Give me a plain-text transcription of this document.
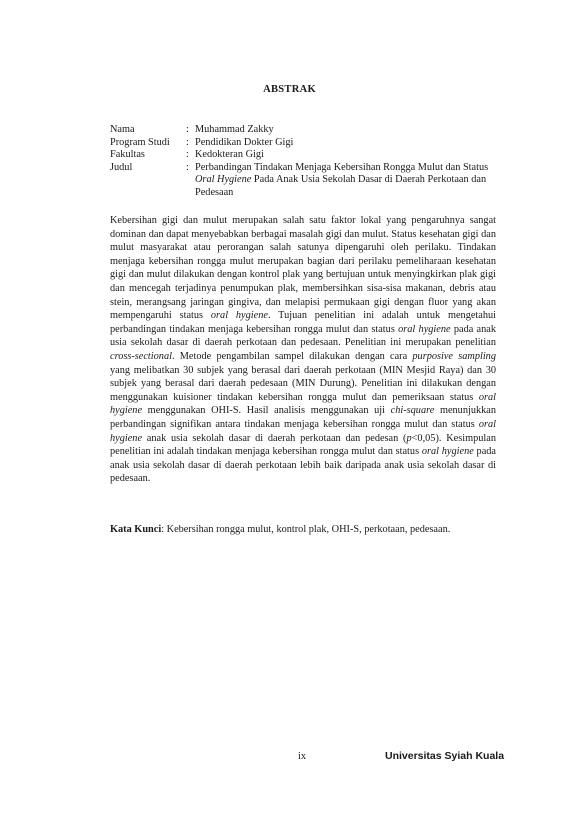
ABSTRAK
Nama	: Muhammad Zakky
Program Studi	: Pendidikan Dokter Gigi
Fakultas	: Kedokteran Gigi
Judul	: Perbandingan Tindakan Menjaga Kebersihan Rongga Mulut dan Status Oral Hygiene Pada Anak Usia Sekolah Dasar di Daerah Perkotaan dan Pedesaan

Kebersihan gigi dan mulut merupakan salah satu faktor lokal yang pengaruhnya sangat dominan dan dapat menyebabkan berbagai masalah gigi dan mulut. Status kesehatan gigi dan mulut masyarakat atau perorangan salah satunya dipengaruhi oleh perilaku. Tindakan menjaga kebersihan rongga mulut merupakan bagian dari perilaku pemeliharaan kesehatan gigi dan mulut dilakukan dengan kontrol plak yang bertujuan untuk menyingkirkan plak gigi dan mencegah terjadinya penumpukan plak, membersihkan sisa-sisa makanan, debris atau stein, merangsang jaringan gingiva, dan melapisi permukaan gigi dengan fluor yang akan mempengaruhi status oral hygiene. Tujuan penelitian ini adalah untuk mengetahui perbandingan tindakan menjaga kebersihan rongga mulut dan status oral hygiene pada anak usia sekolah dasar di daerah perkotaan dan pedesaan. Penelitian ini merupakan penelitian cross-sectional. Metode pengambilan sampel dilakukan dengan cara purposive sampling yang melibatkan 30 subjek yang berasal dari daerah perkotaan (MIN Mesjid Raya) dan 30 subjek yang berasal dari daerah pedesaan (MIN Durung). Penelitian ini dilakukan dengan menggunakan kuisioner tindakan kebersihan rongga mulut dan pemeriksaan status oral hygiene menggunakan OHI-S. Hasil analisis menggunakan uji chi-square menunjukkan perbandingan signifikan antara tindakan menjaga kebersihan rongga mulut dan status oral hygiene anak usia sekolah dasar di daerah perkotaan dan pedesan (p<0,05). Kesimpulan penelitian ini adalah tindakan menjaga kebersihan rongga mulut dan status oral hygiene pada anak usia sekolah dasar di daerah perkotaan lebih baik daripada anak usia sekolah dasar di pedesaan.

Kata Kunci: Kebersihan rongga mulut, kontrol plak, OHI-S, perkotaan, pedesaan.

ix	Universitas Syiah Kuala
